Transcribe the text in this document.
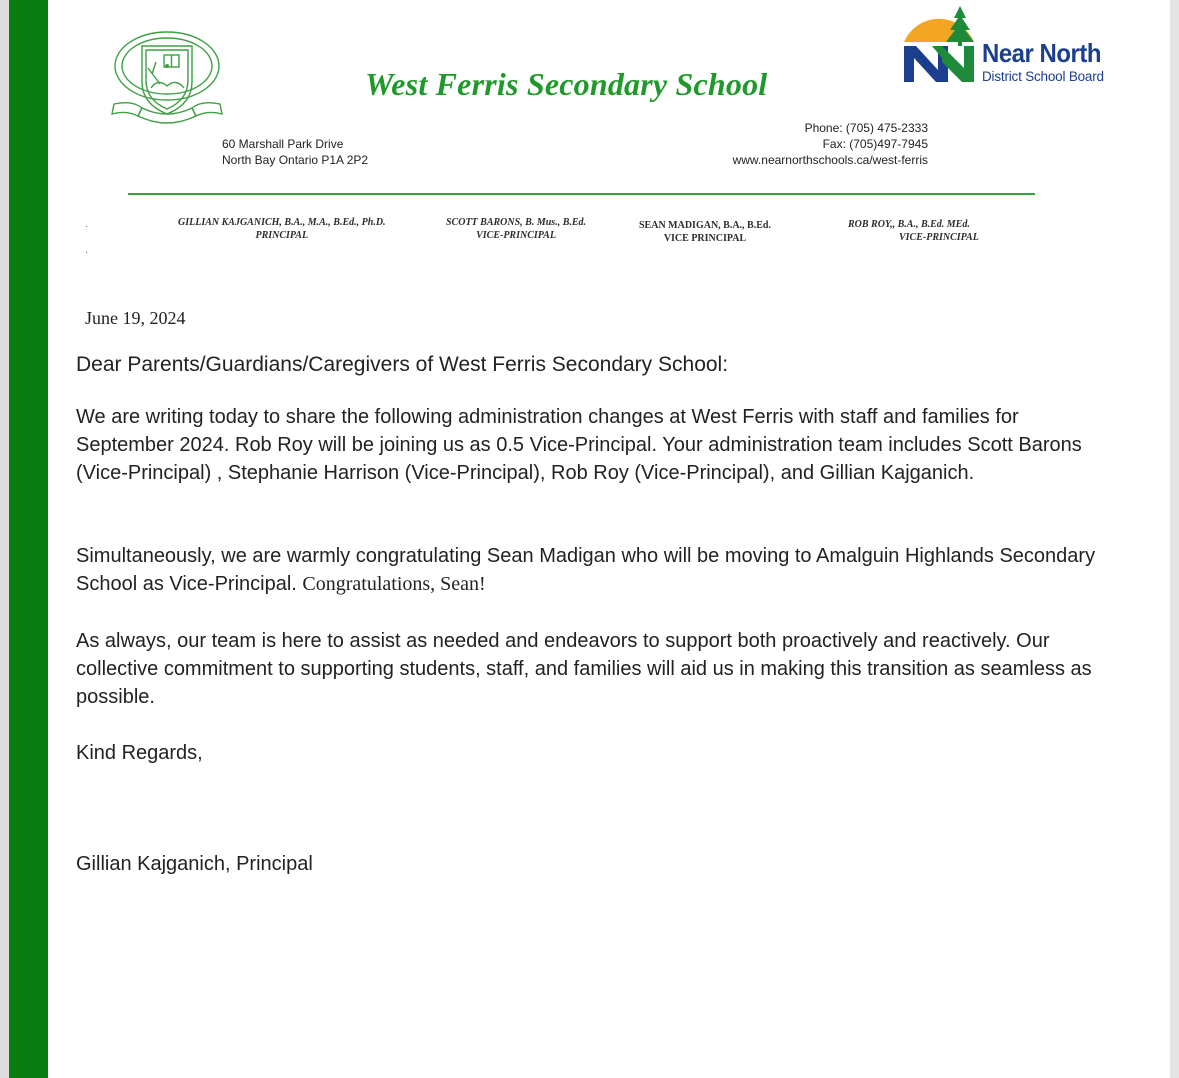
West Ferris Secondary School
Near North
District School Board
60 Marshall Park Drive
North Bay Ontario P1A 2P2
Phone: (705) 475-2333
Fax: (705)497-7945
www.nearnorthschools.ca/west-ferris
·
·
GILLIAN KAJGANICH, B.A., M.A., B.Ed., Ph.D.
PRINCIPAL
SCOTT BARONS, B. Mus., B.Ed.
VICE-PRINCIPAL
SEAN MADIGAN, B.A., B.Ed.
VICE PRINCIPAL
ROB ROY,, B.A., B.Ed. MEd.
VICE-PRINCIPAL
June 19, 2024
Dear Parents/Guardians/Caregivers of West Ferris Secondary School:
We are writing today to share the following administration changes at West Ferris with staff and families for September 2024. Rob Roy will be joining us as 0.5 Vice-Principal. Your administration team includes Scott Barons (Vice-Principal) , Stephanie Harrison (Vice-Principal), Rob Roy (Vice-Principal), and Gillian Kajganich.
Simultaneously, we are warmly congratulating Sean Madigan who will be moving to Amalguin Highlands Secondary School as Vice-Principal. Congratulations, Sean!
As always, our team is here to assist as needed and endeavors to support both proactively and reactively. Our collective commitment to supporting students, staff, and families will aid us in making this transition as seamless as possible.
Kind Regards,
Gillian Kajganich, Principal
